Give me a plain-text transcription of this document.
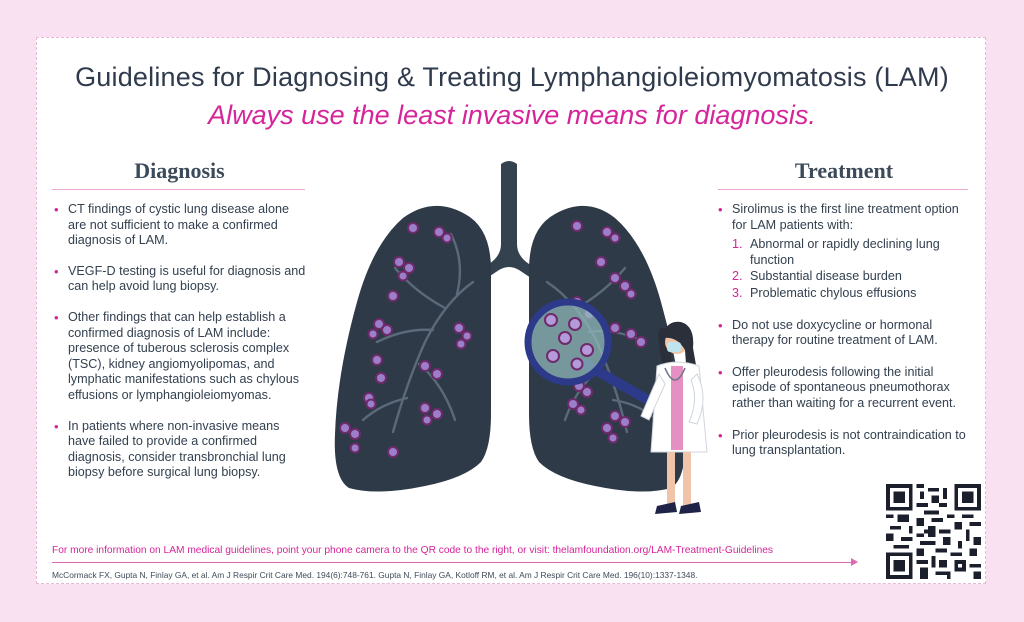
Guidelines for Diagnosing & Treating Lymphangioleiomyomatosis (LAM)
Always use the least invasive means for diagnosis.
Diagnosis
• CT findings of cystic lung disease alone are not sufficient to make a confirmed diagnosis of LAM.
• VEGF-D testing is useful for diagnosis and can help avoid lung biopsy.
• Other findings that can help establish a confirmed diagnosis of LAM include: presence of tuberous sclerosis complex (TSC), kidney angiomyolipomas, and lymphatic manifestations such as chylous effusions or lymphangioleiomyomas.
• In patients where non-invasive means have failed to provide a confirmed diagnosis, consider transbronchial lung biopsy before surgical lung biopsy.
Treatment
• Sirolimus is the first line treatment option for LAM patients with:
1. Abnormal or rapidly declining lung function
2. Substantial disease burden
3. Problematic chylous effusions
• Do not use doxycycline or hormonal therapy for routine treatment of LAM.
• Offer pleurodesis following the initial episode of spontaneous pneumothorax rather than waiting for a recurrent event.
• Prior pleurodesis is not contraindication to lung transplantation.
For more information on LAM medical guidelines, point your phone camera to the QR code to the right, or visit: thelamfoundation.org/LAM-Treatment-Guidelines
McCormack FX, Gupta N, Finlay GA, et al. Am J Respir Crit Care Med. 194(6):748-761. Gupta N, Finlay GA, Kotloff RM, et al. Am J Respir Crit Care Med. 196(10):1337-1348.
